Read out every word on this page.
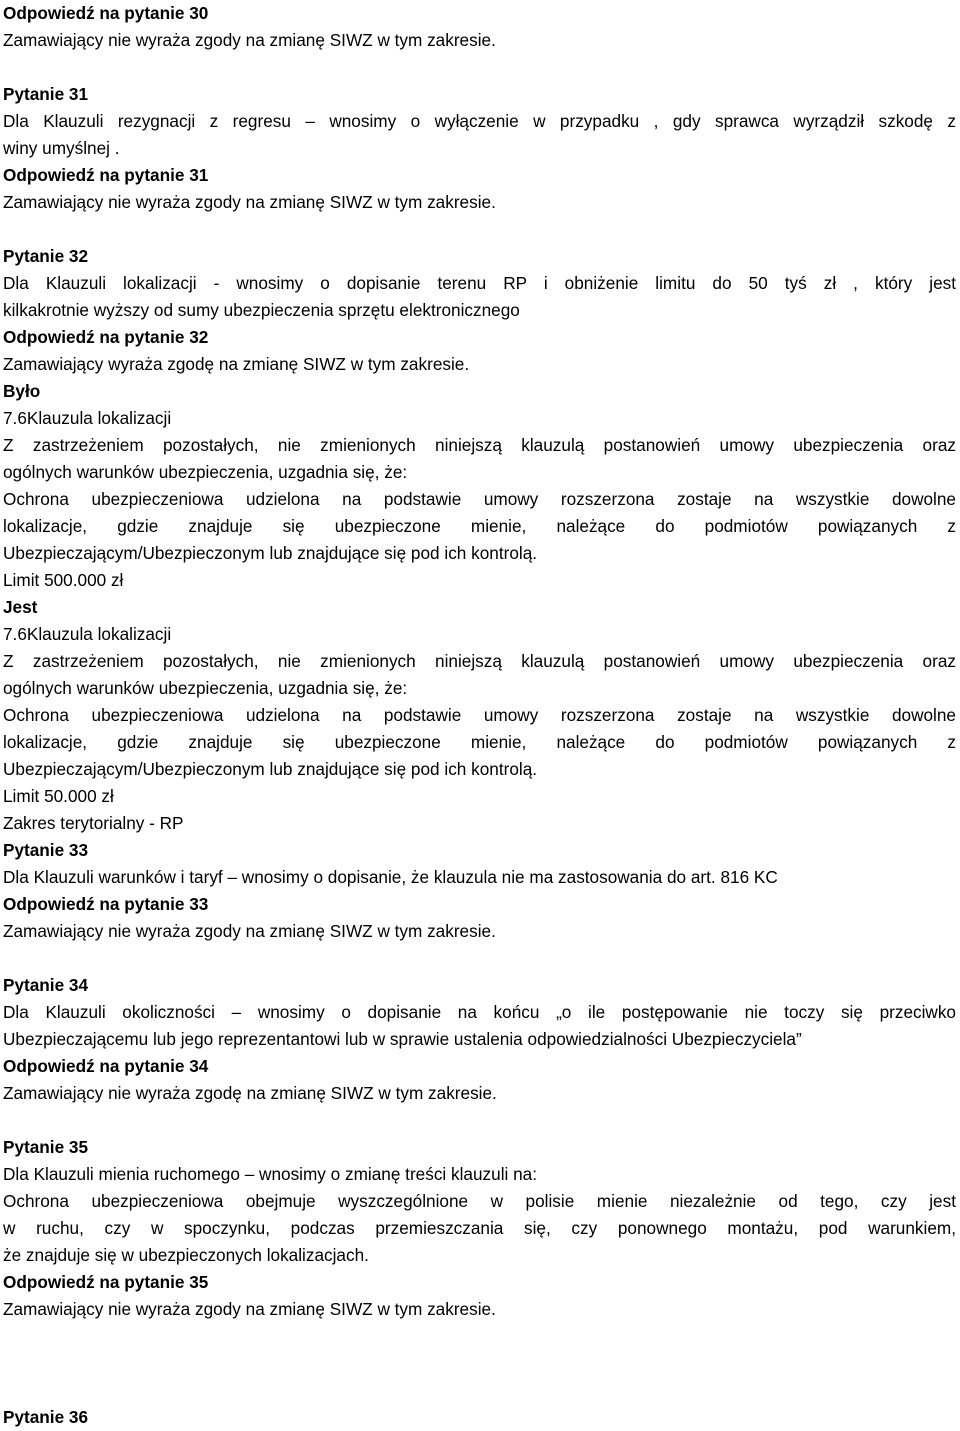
Odpowiedź na pytanie 30
Zamawiający nie wyraża zgody na zmianę SIWZ w tym zakresie.
Pytanie 31
Dla Klauzuli rezygnacji z regresu – wnosimy o wyłączenie w przypadku , gdy sprawca wyrządził szkodę z
winy umyślnej .
Odpowiedź na pytanie 31
Zamawiający nie wyraża zgody na zmianę SIWZ w tym zakresie.
Pytanie 32
Dla Klauzuli lokalizacji - wnosimy o dopisanie terenu RP i obniżenie limitu do 50 tyś zł , który jest
kilkakrotnie wyższy od sumy ubezpieczenia sprzętu elektronicznego
Odpowiedź na pytanie 32
Zamawiający wyraża zgodę na zmianę SIWZ w tym zakresie.
Było
7.6Klauzula lokalizacji
Z zastrzeżeniem pozostałych, nie zmienionych niniejszą klauzulą postanowień umowy ubezpieczenia oraz
ogólnych warunków ubezpieczenia, uzgadnia się, że:
Ochrona ubezpieczeniowa udzielona na podstawie umowy rozszerzona zostaje na wszystkie dowolne
lokalizacje, gdzie znajduje się ubezpieczone mienie, należące do podmiotów powiązanych z
Ubezpieczającym/Ubezpieczonym lub znajdujące się pod ich kontrolą.
Limit 500.000 zł
Jest
7.6Klauzula lokalizacji
Z zastrzeżeniem pozostałych, nie zmienionych niniejszą klauzulą postanowień umowy ubezpieczenia oraz
ogólnych warunków ubezpieczenia, uzgadnia się, że:
Ochrona ubezpieczeniowa udzielona na podstawie umowy rozszerzona zostaje na wszystkie dowolne
lokalizacje, gdzie znajduje się ubezpieczone mienie, należące do podmiotów powiązanych z
Ubezpieczającym/Ubezpieczonym lub znajdujące się pod ich kontrolą.
Limit 50.000 zł
Zakres terytorialny - RP
Pytanie 33
Dla Klauzuli warunków i taryf – wnosimy o dopisanie, że klauzula nie ma zastosowania do art. 816 KC
Odpowiedź na pytanie 33
Zamawiający nie wyraża zgody na zmianę SIWZ w tym zakresie.
Pytanie 34
Dla Klauzuli okoliczności – wnosimy o dopisanie na końcu „o ile postępowanie nie toczy się przeciwko
Ubezpieczającemu lub jego reprezentantowi lub w sprawie ustalenia odpowiedzialności Ubezpieczyciela”
Odpowiedź na pytanie 34
Zamawiający nie wyraża zgodę na zmianę SIWZ w tym zakresie.
Pytanie 35
Dla Klauzuli mienia ruchomego – wnosimy o zmianę treści klauzuli na:
Ochrona ubezpieczeniowa obejmuje wyszczególnione w polisie mienie niezależnie od tego, czy jest
w ruchu, czy w spoczynku, podczas przemieszczania się, czy ponownego montażu, pod warunkiem,
że znajduje się w ubezpieczonych lokalizacjach.
Odpowiedź na pytanie 35
Zamawiający nie wyraża zgody na zmianę SIWZ w tym zakresie.
Pytanie 36
